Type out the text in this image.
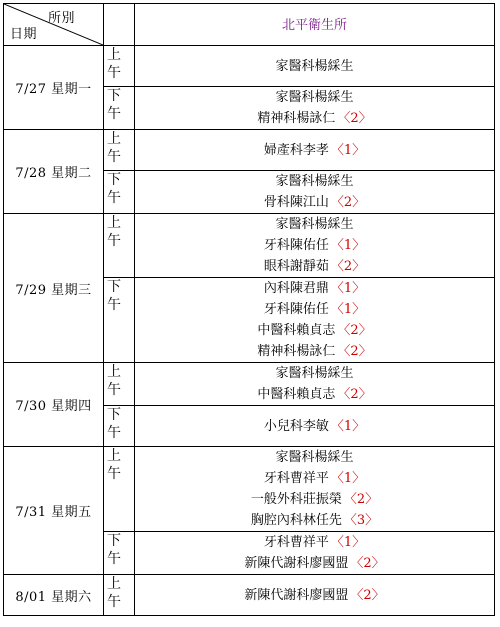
所別
日期		北平衛生所
7/27 星期一	上
午	家醫科楊綵生

	下
午	家醫科楊綵生
精神科楊詠仁 〈2〉

7/28 星期二	上
午	婦產科李孝 〈1〉

	下
午	家醫科楊綵生
骨科陳江山 〈2〉

7/29 星期三	上
午	家醫科楊綵生
牙科陳佑任 〈1〉
眼科謝靜茹 〈2〉

	下
午	內科陳君鼎 〈1〉
牙科陳佑任 〈1〉
中醫科賴貞志 〈2〉
精神科楊詠仁 〈2〉

7/30 星期四	上
午	家醫科楊綵生
中醫科賴貞志 〈2〉

	下
午	小兒科李敏 〈1〉

7/31 星期五	上
午	家醫科楊綵生
牙科曹祥平 〈1〉
一般外科莊振榮 〈2〉
胸腔內科林任先 〈3〉

	下
午	牙科曹祥平 〈1〉
新陳代謝科廖國盟 〈2〉

8/01 星期六	上
午	新陳代謝科廖國盟 〈2〉
